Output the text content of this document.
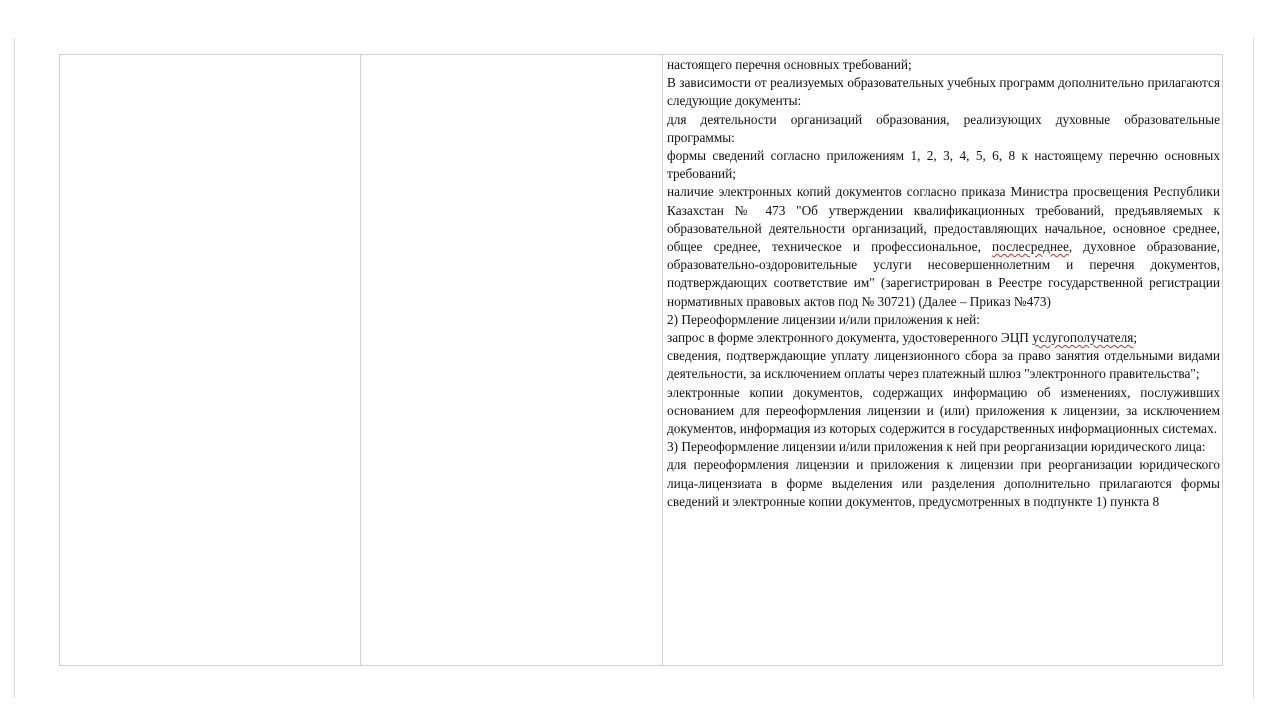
настоящего перечня основных требований;

В зависимости от реализуемых образовательных учебных программ дополнительно прилагаются следующие документы:

для деятельности организаций образования, реализующих духовные образовательные программы:

формы сведений согласно приложениям 1, 2, 3, 4, 5, 6, 8 к настоящему перечню основных требований;

наличие электронных копий документов согласно приказа Министра просвещения Республики Казахстан № 473 "Об утверждении квалификационных требований, предъявляемых к образовательной деятельности организаций, предоставляющих начальное, основное среднее, общее среднее, техническое и профессиональное, послесреднее, духовное образование, образовательно-оздоровительные услуги несовершеннолетним и перечня документов, подтверждающих соответствие им" (зарегистрирован в Реестре государственной регистрации нормативных правовых актов под № 30721) (Далее – Приказ №473)

2) Переоформление лицензии и/или приложения к ней:

запрос в форме электронного документа, удостоверенного ЭЦП услугополучателя;

сведения, подтверждающие уплату лицензионного сбора за право занятия отдельными видами деятельности, за исключением оплаты через платежный шлюз "электронного правительства";

электронные копии документов, содержащих информацию об изменениях, послуживших основанием для переоформления лицензии и (или) приложения к лицензии, за исключением документов, информация из которых содержится в государственных информационных системах.

3) Переоформление лицензии и/или приложения к ней при реорганизации юридического лица:

для переоформления лицензии и приложения к лицензии при реорганизации юридического лица-лицензиата в форме выделения или разделения дополнительно прилагаются формы сведений и электронные копии документов, предусмотренных в подпункте 1) пункта 8
